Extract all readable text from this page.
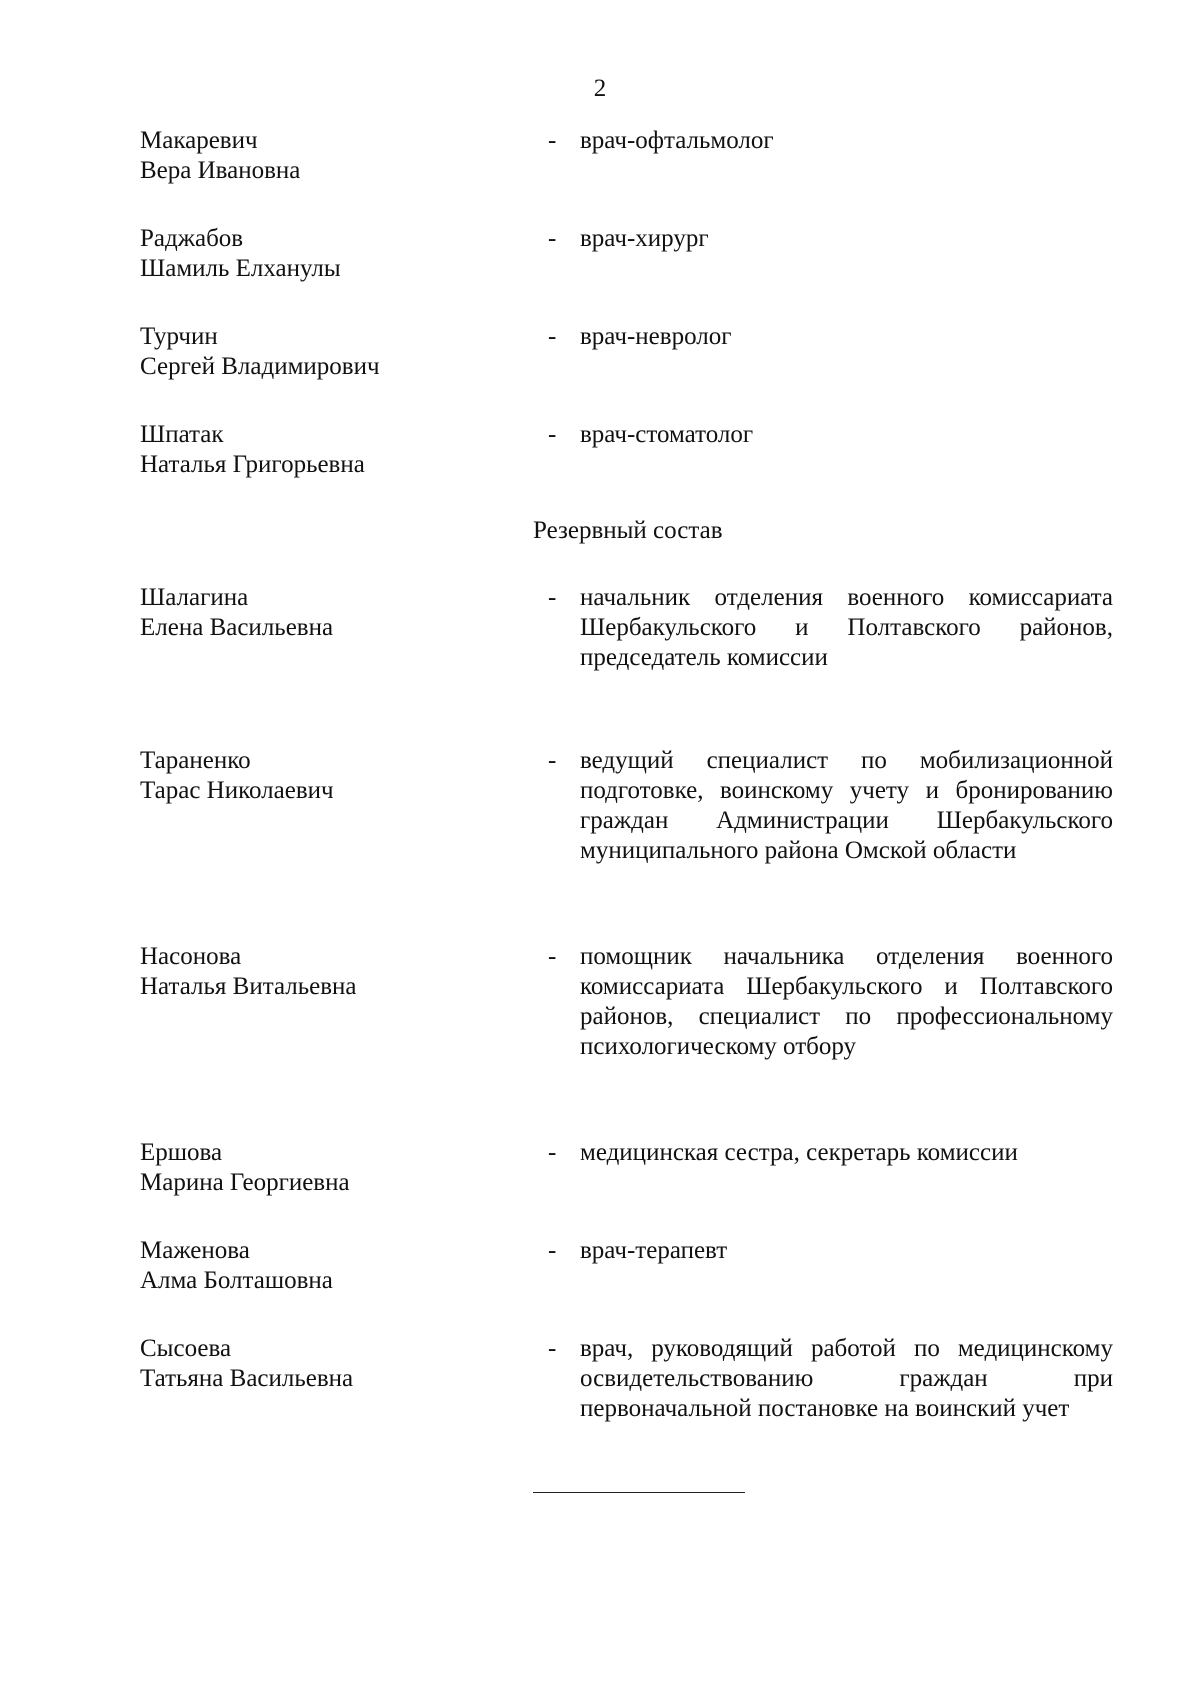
2
Макаревич
Вера Ивановна
- врач-офтальмолог
Раджабов
Шамиль Елханулы
- врач-хирург
Турчин
Сергей Владимирович
- врач-невролог
Шпатак
Наталья Григорьевна
- врач-стоматолог
Резервный состав
Шалагина
Елена Васильевна
- начальник отделения военного комиссариата Шербакульского и Полтавского районов, председатель комиссии
Тараненко
Тарас Николаевич
- ведущий специалист по мобилизационной подготовке, воинскому учету и бронированию граждан Администрации Шербакульского муниципального района Омской области
Насонова
Наталья Витальевна
- помощник начальника отделения военного комиссариата Шербакульского и Полтавского районов, специалист по профессиональному психологическому отбору
Ершова
Марина Георгиевна
- медицинская сестра, секретарь комиссии
Маженова
Алма Болташовна
- врач-терапевт
Сысоева
Татьяна Васильевна
- врач, руководящий работой по медицинскому освидетельствованию граждан при первоначальной постановке на воинский учет
